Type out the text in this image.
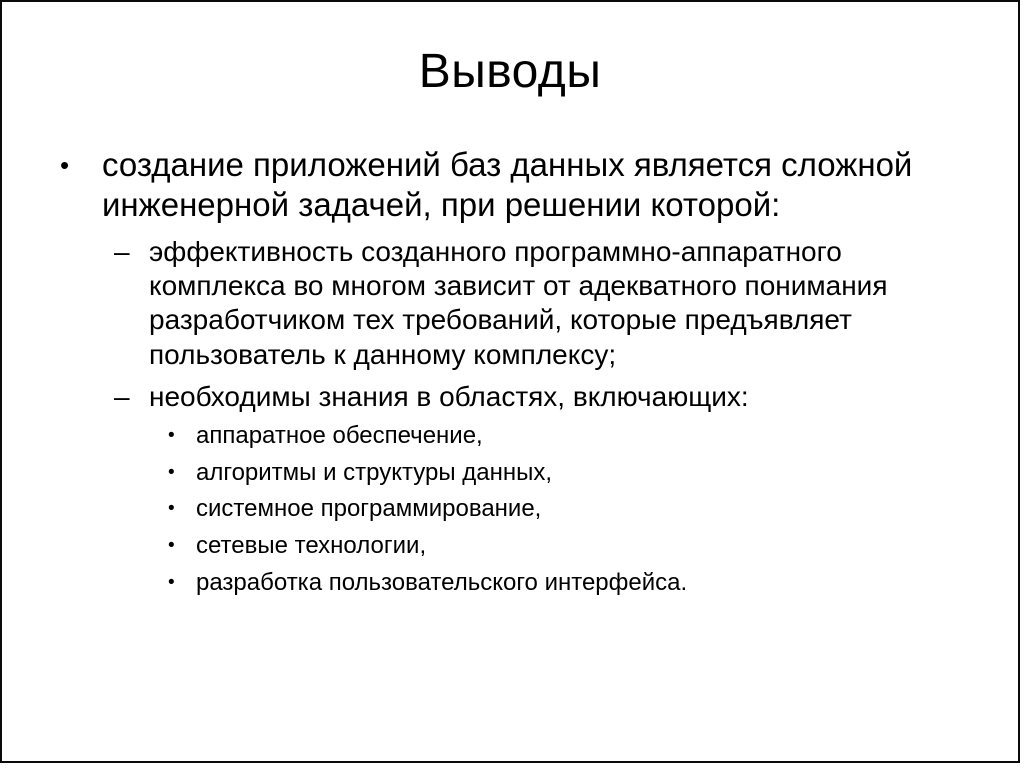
Выводы
• создание приложений баз данных является сложной инженерной задачей, при решении которой:
– эффективность созданного программно-аппаратного комплекса во многом зависит от адекватного понимания разработчиком тех требований, которые предъявляет пользователь к данному комплексу;
– необходимы знания в областях, включающих:
• аппаратное обеспечение,
• алгоритмы и структуры данных,
• системное программирование,
• сетевые технологии,
• разработка пользовательского интерфейса.
